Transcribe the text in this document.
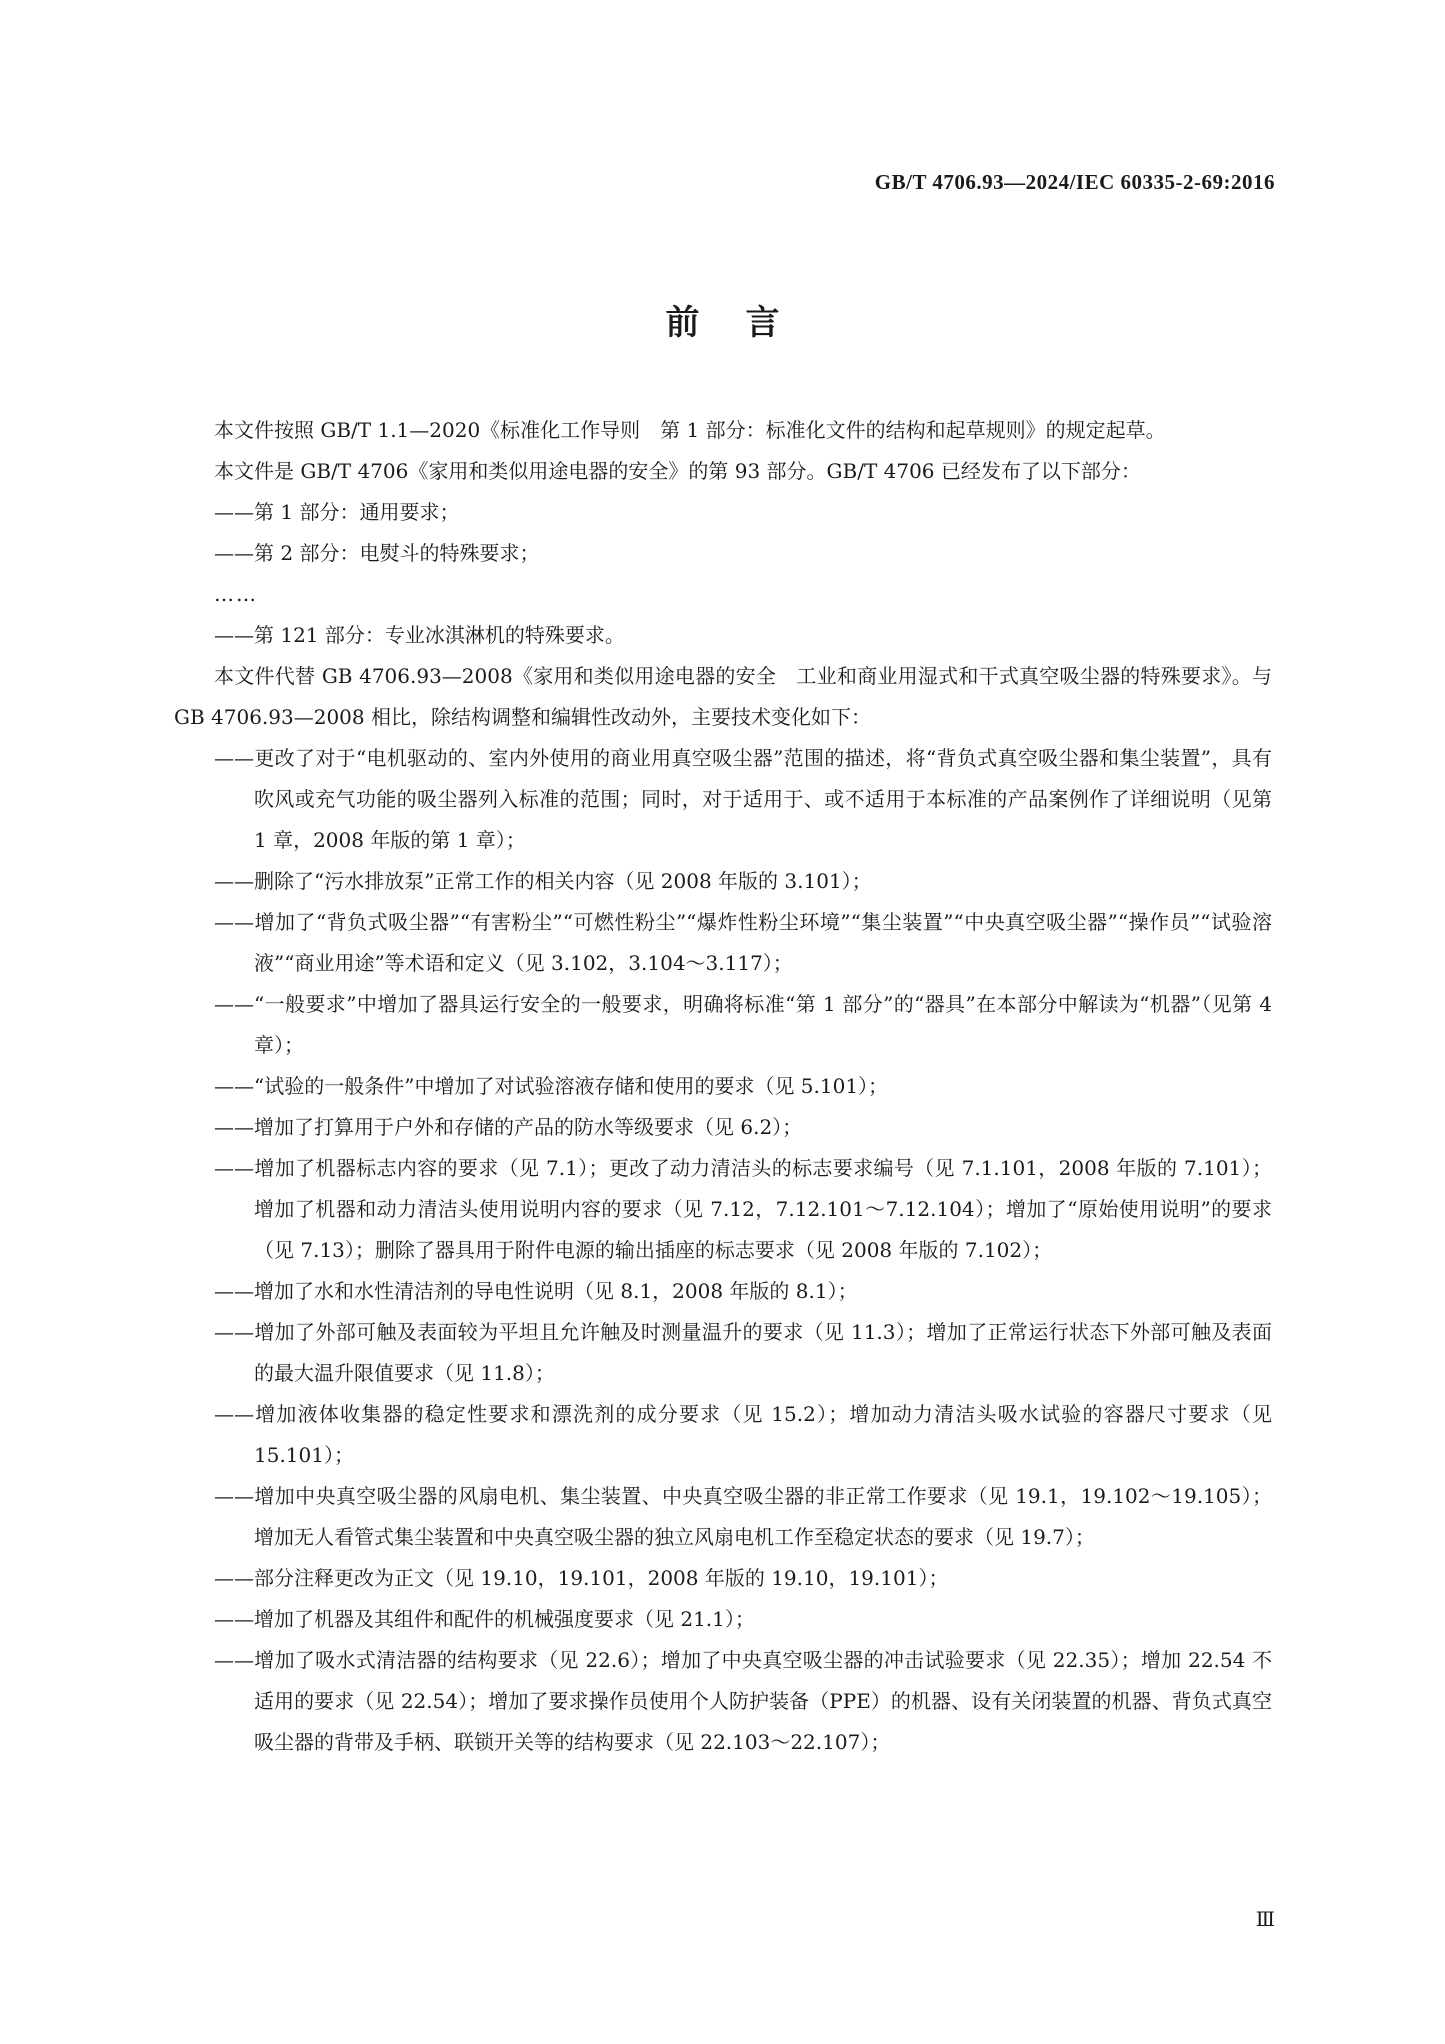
GB/T 4706.93—2024/IEC 60335-2-69:2016
前言

本文件按照 GB/T 1.1—2020《标准化工作导则　第 1 部分：标准化文件的结构和起草规则》的规定起草。

本文件是 GB/T 4706《家用和类似用途电器的安全》的第 93 部分。GB/T 4706 已经发布了以下部分：

——第 1 部分：通用要求；

——第 2 部分：电熨斗的特殊要求；

……

——第 121 部分：专业冰淇淋机的特殊要求。

本文件代替 GB 4706.93—2008《家用和类似用途电器的安全　工业和商业用湿式和干式真空吸尘器的特殊要求》。与 GB 4706.93—2008 相比，除结构调整和编辑性改动外，主要技术变化如下：

——更改了对于“电机驱动的、室内外使用的商业用真空吸尘器”范围的描述，将“背负式真空吸尘器和集尘装置”，具有吹风或充气功能的吸尘器列入标准的范围；同时，对于适用于、或不适用于本标准的产品案例作了详细说明（见第 1 章，2008 年版的第 1 章）；

——删除了“污水排放泵”正常工作的相关内容（见 2008 年版的 3.101）；

——增加了“背负式吸尘器”“有害粉尘”“可燃性粉尘”“爆炸性粉尘环境”“集尘装置”“中央真空吸尘器”“操作员”“试验溶液”“商业用途”等术语和定义（见 3.102，3.104～3.117）；

——“一般要求”中增加了器具运行安全的一般要求，明确将标准“第 1 部分”的“器具”在本部分中解读为“机器”（见第 4 章）；

——“试验的一般条件”中增加了对试验溶液存储和使用的要求（见 5.101）；

——增加了打算用于户外和存储的产品的防水等级要求（见 6.2）；

——增加了机器标志内容的要求（见 7.1）；更改了动力清洁头的标志要求编号（见 7.1.101，2008 年版的 7.101）；增加了机器和动力清洁头使用说明内容的要求（见 7.12，7.12.101～7.12.104）；增加了“原始使用说明”的要求（见 7.13）；删除了器具用于附件电源的输出插座的标志要求（见 2008 年版的 7.102）；

——增加了水和水性清洁剂的导电性说明（见 8.1，2008 年版的 8.1）；

——增加了外部可触及表面较为平坦且允许触及时测量温升的要求（见 11.3）；增加了正常运行状态下外部可触及表面的最大温升限值要求（见 11.8）；

——增加液体收集器的稳定性要求和漂洗剂的成分要求（见 15.2）；增加动力清洁头吸水试验的容器尺寸要求（见 15.101）；

——增加中央真空吸尘器的风扇电机、集尘装置、中央真空吸尘器的非正常工作要求（见 19.1，19.102～19.105）；增加无人看管式集尘装置和中央真空吸尘器的独立风扇电机工作至稳定状态的要求（见 19.7）；

——部分注释更改为正文（见 19.10，19.101，2008 年版的 19.10，19.101）；

——增加了机器及其组件和配件的机械强度要求（见 21.1）；

——增加了吸水式清洁器的结构要求（见 22.6）；增加了中央真空吸尘器的冲击试验要求（见 22.35）；增加 22.54 不适用的要求（见 22.54）；增加了要求操作员使用个人防护装备（PPE）的机器、设有关闭装置的机器、背负式真空吸尘器的背带及手柄、联锁开关等的结构要求（见 22.103～22.107）；

Ⅲ
